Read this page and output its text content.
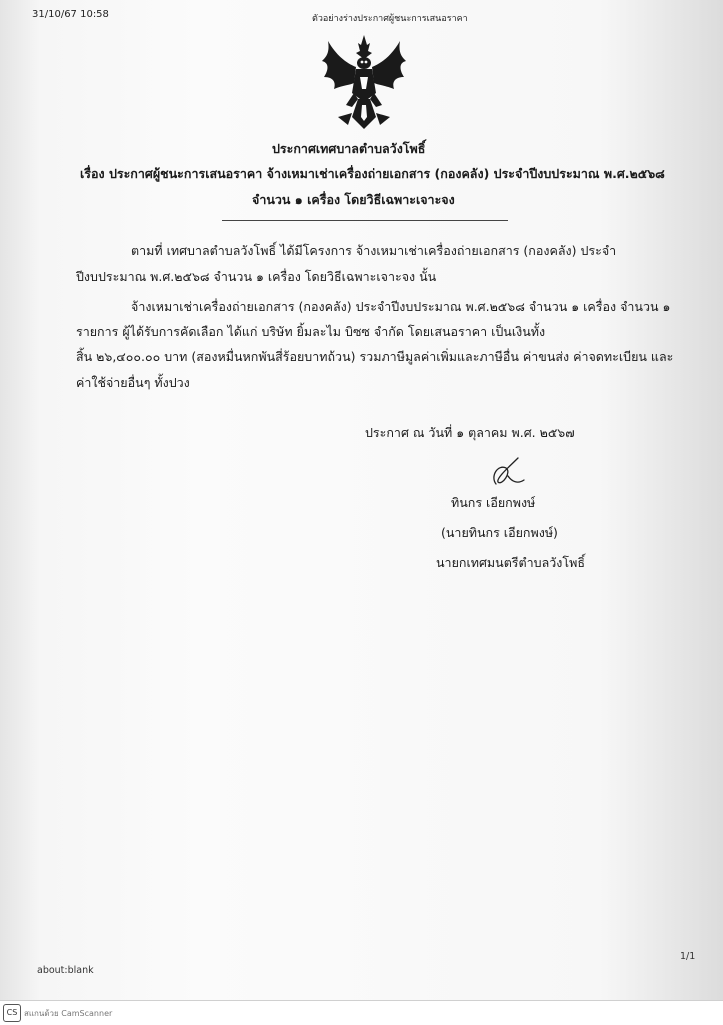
31/10/67 10:58	ตัวอย่างร่างประกาศผู้ชนะการเสนอราคา
ประกาศเทศบาลตำบลวังโพธิ์
เรื่อง ประกาศผู้ชนะการเสนอราคา จ้างเหมาเช่าเครื่องถ่ายเอกสาร (กองคลัง) ประจำปีงบประมาณ พ.ศ.๒๕๖๘
จำนวน ๑ เครื่อง โดยวิธีเฉพาะเจาะจง
ตามที่ เทศบาลตำบลวังโพธิ์ ได้มีโครงการ จ้างเหมาเช่าเครื่องถ่ายเอกสาร (กองคลัง) ประจำ
ปีงบประมาณ พ.ศ.๒๕๖๘ จำนวน ๑ เครื่อง โดยวิธีเฉพาะเจาะจง นั้น
จ้างเหมาเช่าเครื่องถ่ายเอกสาร (กองคลัง) ประจำปีงบประมาณ พ.ศ.๒๕๖๘ จำนวน ๑ เครื่อง จำนวน ๑
รายการ ผู้ได้รับการคัดเลือก ได้แก่ บริษัท ยิ้มละไม บิซซ จำกัด โดยเสนอราคา เป็นเงินทั้ง
สิ้น ๒๖,๔๐๐.๐๐ บาท (สองหมื่นหกพันสี่ร้อยบาทถ้วน) รวมภาษีมูลค่าเพิ่มและภาษีอื่น ค่าขนส่ง ค่าจดทะเบียน และ
ค่าใช้จ่ายอื่นๆ ทั้งปวง
ประกาศ ณ วันที่ ๑ ตุลาคม พ.ศ. ๒๕๖๗
ทินกร เอียกพงษ์
(นายทินกร เอียกพงษ์)
นายกเทศมนตรีตำบลวังโพธิ์
about:blank
1/1
CS สแกนด้วย CamScanner
